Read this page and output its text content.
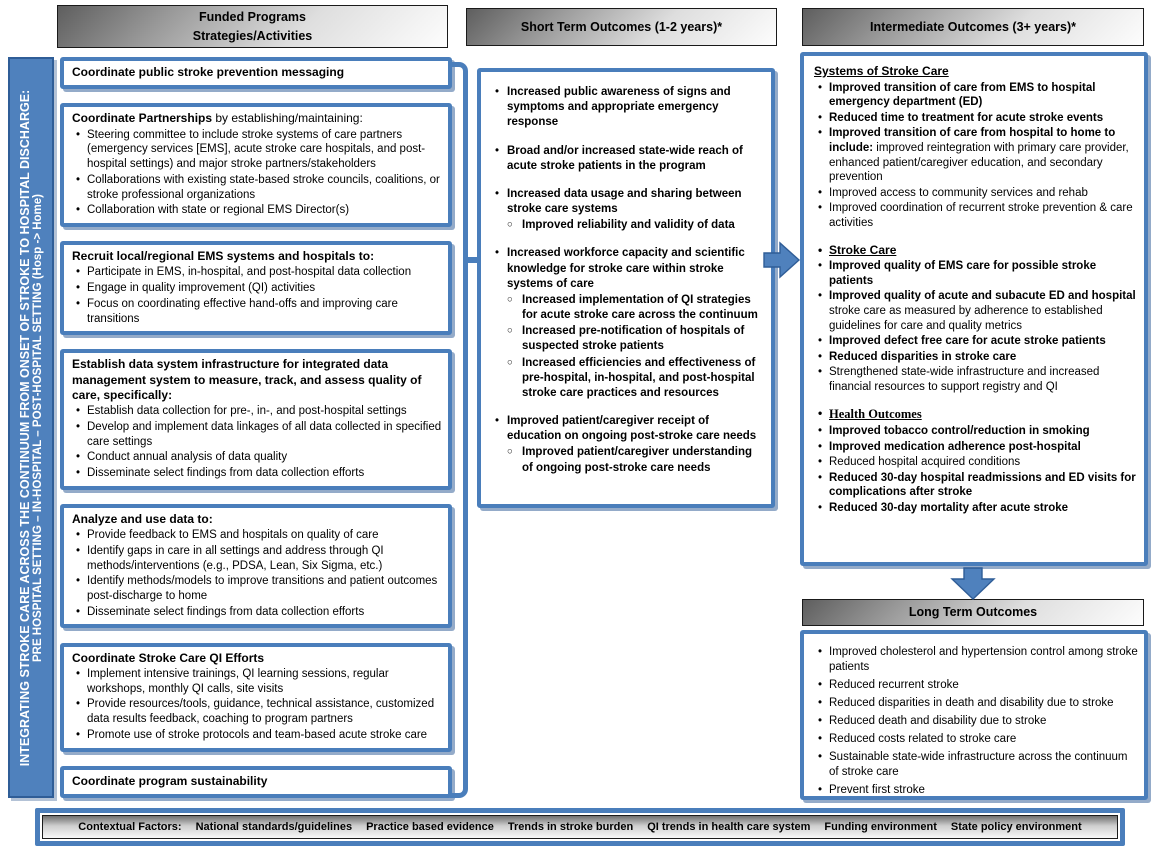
INTEGRATING STROKE CARE ACROSS THE CONTINUUM FROM ONSET OF STROKE TO HOSPITAL DISCHARGE: PRE HOSPITAL SETTING – IN-HOSPITAL – POST-HOSPITAL SETTING (Hosp -> Home)
Funded Programs
Strategies/Activities
Short Term Outcomes (1-2 years)*	Intermediate Outcomes (3+ years)*
Long Term Outcomes
Coordinate public stroke prevention messaging
Coordinate Partnerships by establishing/maintaining:
• Steering committee to include stroke systems of care partners (emergency services [EMS], acute stroke care hospitals, and post-hospital settings) and major stroke partners/stakeholders
• Collaborations with existing state-based stroke councils, coalitions, or stroke professional organizations
• Collaboration with state or regional EMS Director(s)
Recruit local/regional EMS systems and hospitals to:
• Participate in EMS, in-hospital, and post-hospital data collection
• Engage in quality improvement (QI) activities
• Focus on coordinating effective hand-offs and improving care transitions
Establish data system infrastructure for integrated data management system to measure, track, and assess quality of care, specifically:
• Establish data collection for pre-, in-, and post-hospital settings
• Develop and implement data linkages of all data collected in specified care settings
• Conduct annual analysis of data quality
• Disseminate select findings from data collection efforts
Analyze and use data to:
• Provide feedback to EMS and hospitals on quality of care
• Identify gaps in care in all settings and address through QI methods/interventions (e.g., PDSA, Lean, Six Sigma, etc.)
• Identify methods/models to improve transitions and patient outcomes post-discharge to home
• Disseminate select findings from data collection efforts
Coordinate Stroke Care QI Efforts
• Implement intensive trainings, QI learning sessions, regular workshops, monthly QI calls, site visits
• Provide resources/tools, guidance, technical assistance, customized data results feedback, coaching to program partners
• Promote use of stroke protocols and team-based acute stroke care
Coordinate program sustainability
• Increased public awareness of signs and symptoms and appropriate emergency response
• Broad and/or increased state-wide reach of acute stroke patients in the program
• Increased data usage and sharing between stroke care systems
○ Improved reliability and validity of data
• Increased workforce capacity and scientific knowledge for stroke care within stroke systems of care
○ Increased implementation of QI strategies for acute stroke care across the continuum
○ Increased pre-notification of hospitals of suspected stroke patients
○ Increased efficiencies and effectiveness of pre-hospital, in-hospital, and post-hospital stroke care practices and resources
• Improved patient/caregiver receipt of education on ongoing post-stroke care needs
○ Improved patient/caregiver understanding of ongoing post-stroke care needs
Systems of Stroke Care
• Improved transition of care from EMS to hospital emergency department (ED)
• Reduced time to treatment for acute stroke events
• Improved transition of care from hospital to home to include: improved reintegration with primary care provider, enhanced patient/caregiver education, and secondary prevention
• Improved access to community services and rehab
• Improved coordination of recurrent stroke prevention & care activities
• Stroke Care
• Improved quality of EMS care for possible stroke patients
• Improved quality of acute and subacute ED and hospital stroke care as measured by adherence to established guidelines for care and quality metrics
• Improved defect free care for acute stroke patients
• Reduced disparities in stroke care
• Strengthened state-wide infrastructure and increased financial resources to support registry and QI
• Health Outcomes
• Improved tobacco control/reduction in smoking
• Improved medication adherence post-hospital
• Reduced hospital acquired conditions
• Reduced 30-day hospital readmissions and ED visits for complications after stroke
• Reduced 30-day mortality after acute stroke
• Improved cholesterol and hypertension control among stroke patients
• Reduced recurrent stroke
• Reduced disparities in death and disability due to stroke
• Reduced death and disability due to stroke
• Reduced costs related to stroke care
• Sustainable state-wide infrastructure across the continuum of stroke care
• Prevent first stroke
Contextual Factors: National standards/guidelines Practice based evidence Trends in stroke burden QI trends in health care system Funding environment State policy environment
